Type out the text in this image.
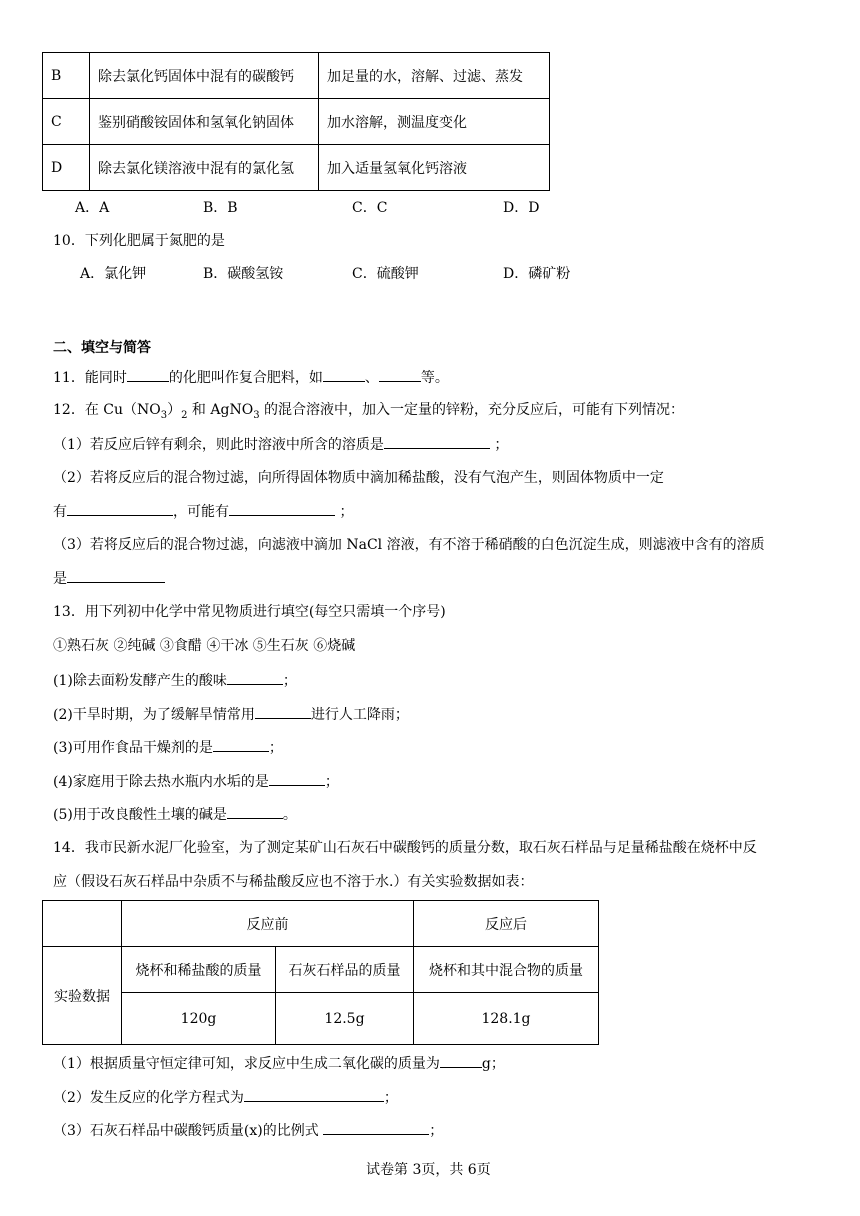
B	除去氯化钙固体中混有的碳酸钙	加足量的水，溶解、过滤、蒸发
C	鉴别硝酸铵固体和氢氧化钠固体	加水溶解，测温度变化
D	除去氯化镁溶液中混有的氯化氢	加入适量氢氧化钙溶液
A．A	B．B	C．C	D．D
10．下列化肥属于氮肥的是
A．氯化钾	B．碳酸氢铵	C．硫酸钾	D．磷矿粉
二、填空与简答
11．能同时	的化肥叫作复合肥料，如	、	等。
12．在 $Cu(NO_3)_2$ 和 AgNO$_3$ 的混合溶液中，加入一定量的锌粉，充分反应后，可能有下列情况：
（1）若反应后锌有剩余，则此时溶液中所含的溶质是	；
（2）若将反应后的混合物过滤，向所得固体物质中滴加稀盐酸，没有气泡产生，则固体物质中一定
有	，可能有	；
（3）若将反应后的混合物过滤，向滤液中滴加 NaCl 溶液，有不溶于稀硝酸的白色沉淀生成，则滤液中含有的溶质
是
13．用下列初中化学中常见物质进行填空(每空只需填一个序号)
①熟石灰 ②纯碱 ③食醋 ④干冰 ⑤生石灰 ⑥烧碱
(1)除去面粉发酵产生的酸味	；
(2)干旱时期，为了缓解旱情常用	进行人工降雨；
(3)可用作食品干燥剂的是	；
(4)家庭用于除去热水瓶内水垢的是	；
(5)用于改良酸性土壤的碱是	。
14．我市民新水泥厂化验室，为了测定某矿山石灰石中碳酸钙的质量分数，取石灰石样品与足量稀盐酸在烧杯中反
应（假设石灰石样品中杂质不与稀盐酸反应也不溶于水.）有关实验数据如表：
	反应前		反应后
实验数据	烧杯和稀盐酸的质量	石灰石样品的质量	烧杯和其中混合物的质量
	120g	12.5g	128.1g
（1）根据质量守恒定律可知，求反应中生成二氧化碳的质量为	g；
（2）发生反应的化学方程式为	；
（3）石灰石样品中碳酸钙质量(x)的比例式	；
试卷第 3页，共 6页
